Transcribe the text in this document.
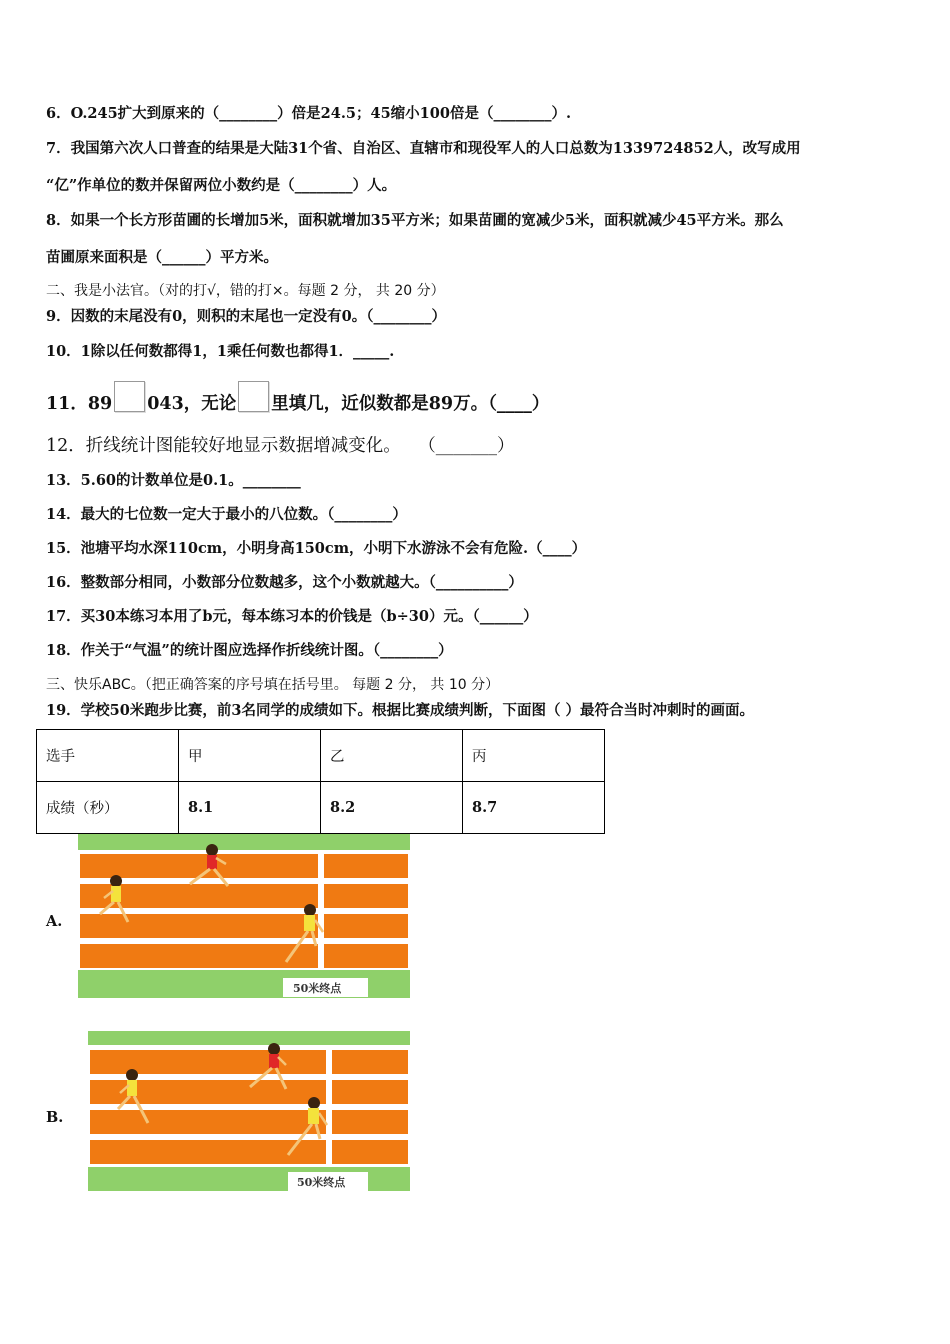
6．O.245扩大到原来的（________）倍是24.5；45缩小100倍是（________）.
7．我国第六次人口普查的结果是大陆31个省、自治区、直辖市和现役军人的人口总数为1339724852人，改写成用
“亿”作单位的数并保留两位小数约是（________）人。
8．如果一个长方形苗圃的长增加5米，面积就增加35平方米；如果苗圃的宽减少5米，面积就减少45平方米。那么
苗圃原来面积是（______）平方米。
二、我是小法官。（对的打√，错的打×。每题 2 分， 共 20 分）
9．因数的末尾没有0，则积的末尾也一定没有0。（________）
10．1除以任何数都得1，1乘任何数也都得1．_____.
11．89 043，无论 里填几，近似数都是89万。（____）
12．折线统计图能较好地显示数据增减变化。　　（_______）
13．5.60的计数单位是0.1。________
14．最大的七位数一定大于最小的八位数。（________）
15．池塘平均水深110cm，小明身高150cm，小明下水游泳不会有危险.（____）
16．整数部分相同，小数部分位数越多，这个小数就越大。（__________）
17．买30本练习本用了b元，每本练习本的价钱是（b÷30）元。（______）
18．作关于“气温”的统计图应选择作折线统计图。（________）
三、快乐ABC。（把正确答案的序号填在括号里。 每题 2 分， 共 10 分）
19．学校50米跑步比赛，前3名同学的成绩如下。根据比赛成绩判断，下面图（ ）最符合当时冲刺时的画面。
选手	甲	乙	丙
成绩（秒）	8.1	8.2	8.7
A.
B.
50米终点
50米终点
